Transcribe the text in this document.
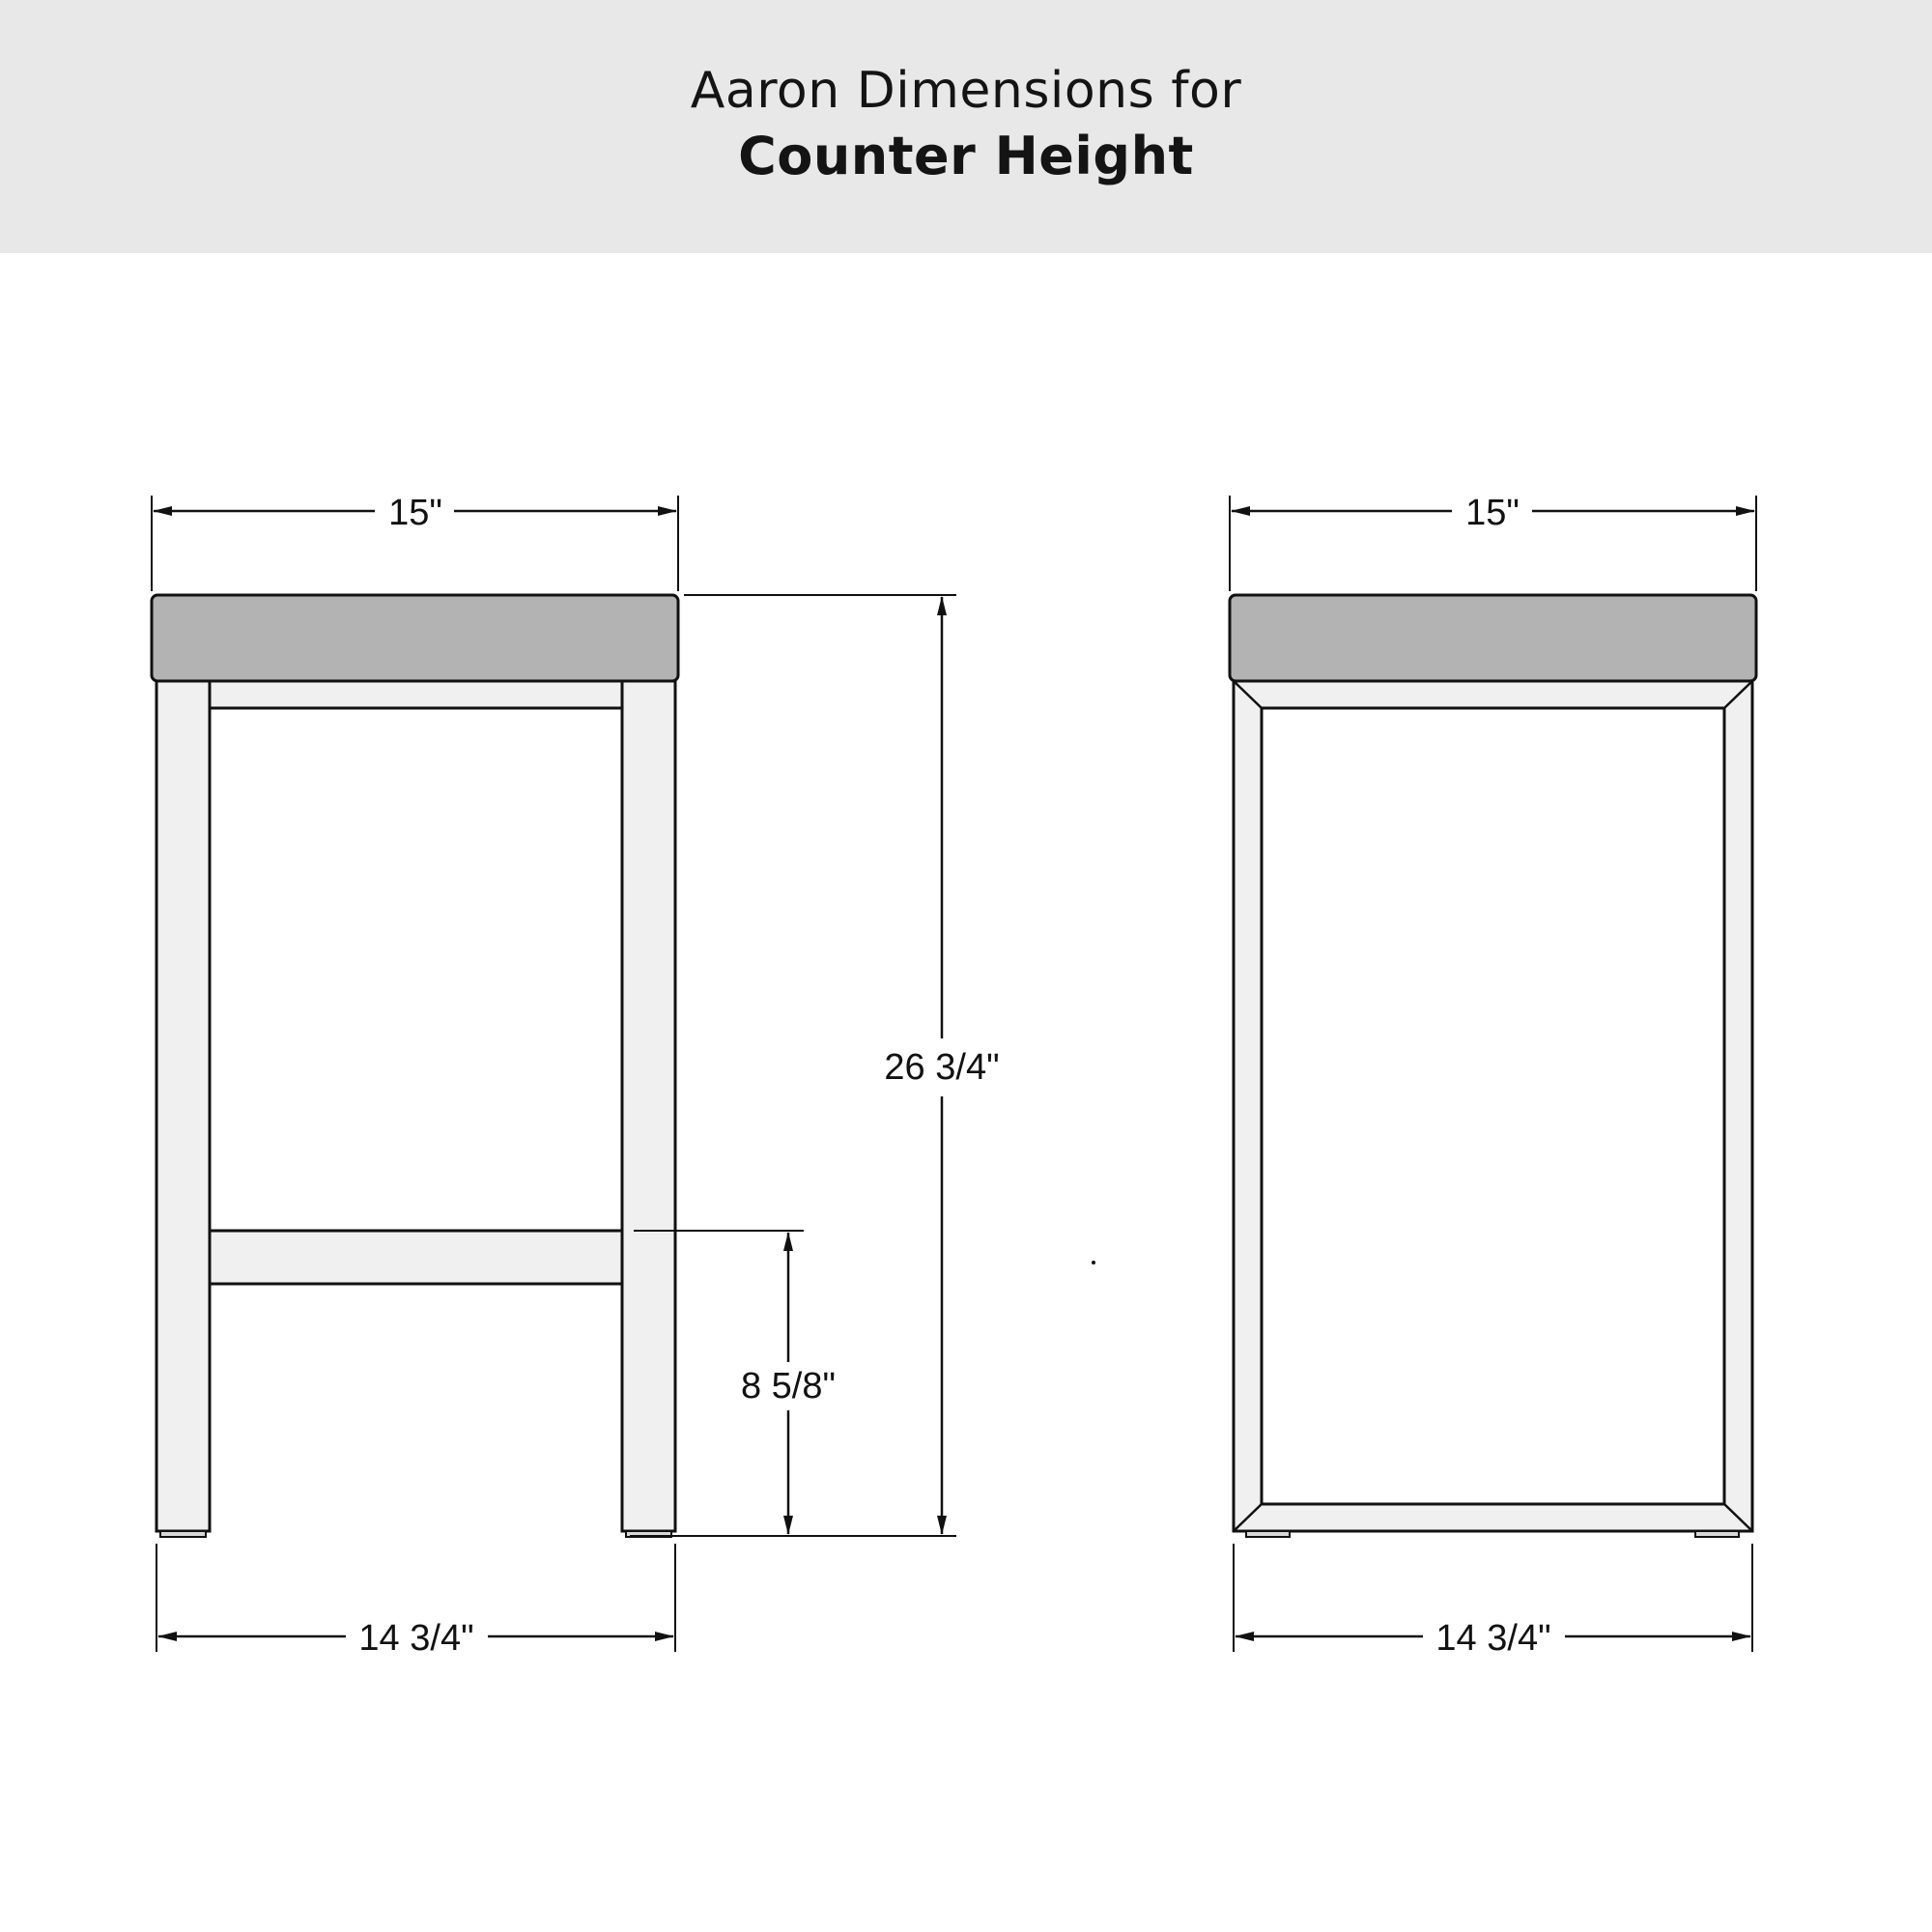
Aaron Dimensions for
Counter Height
15"
26 3/4"
8 5/8"
14 3/4"
15"
14 3/4"
